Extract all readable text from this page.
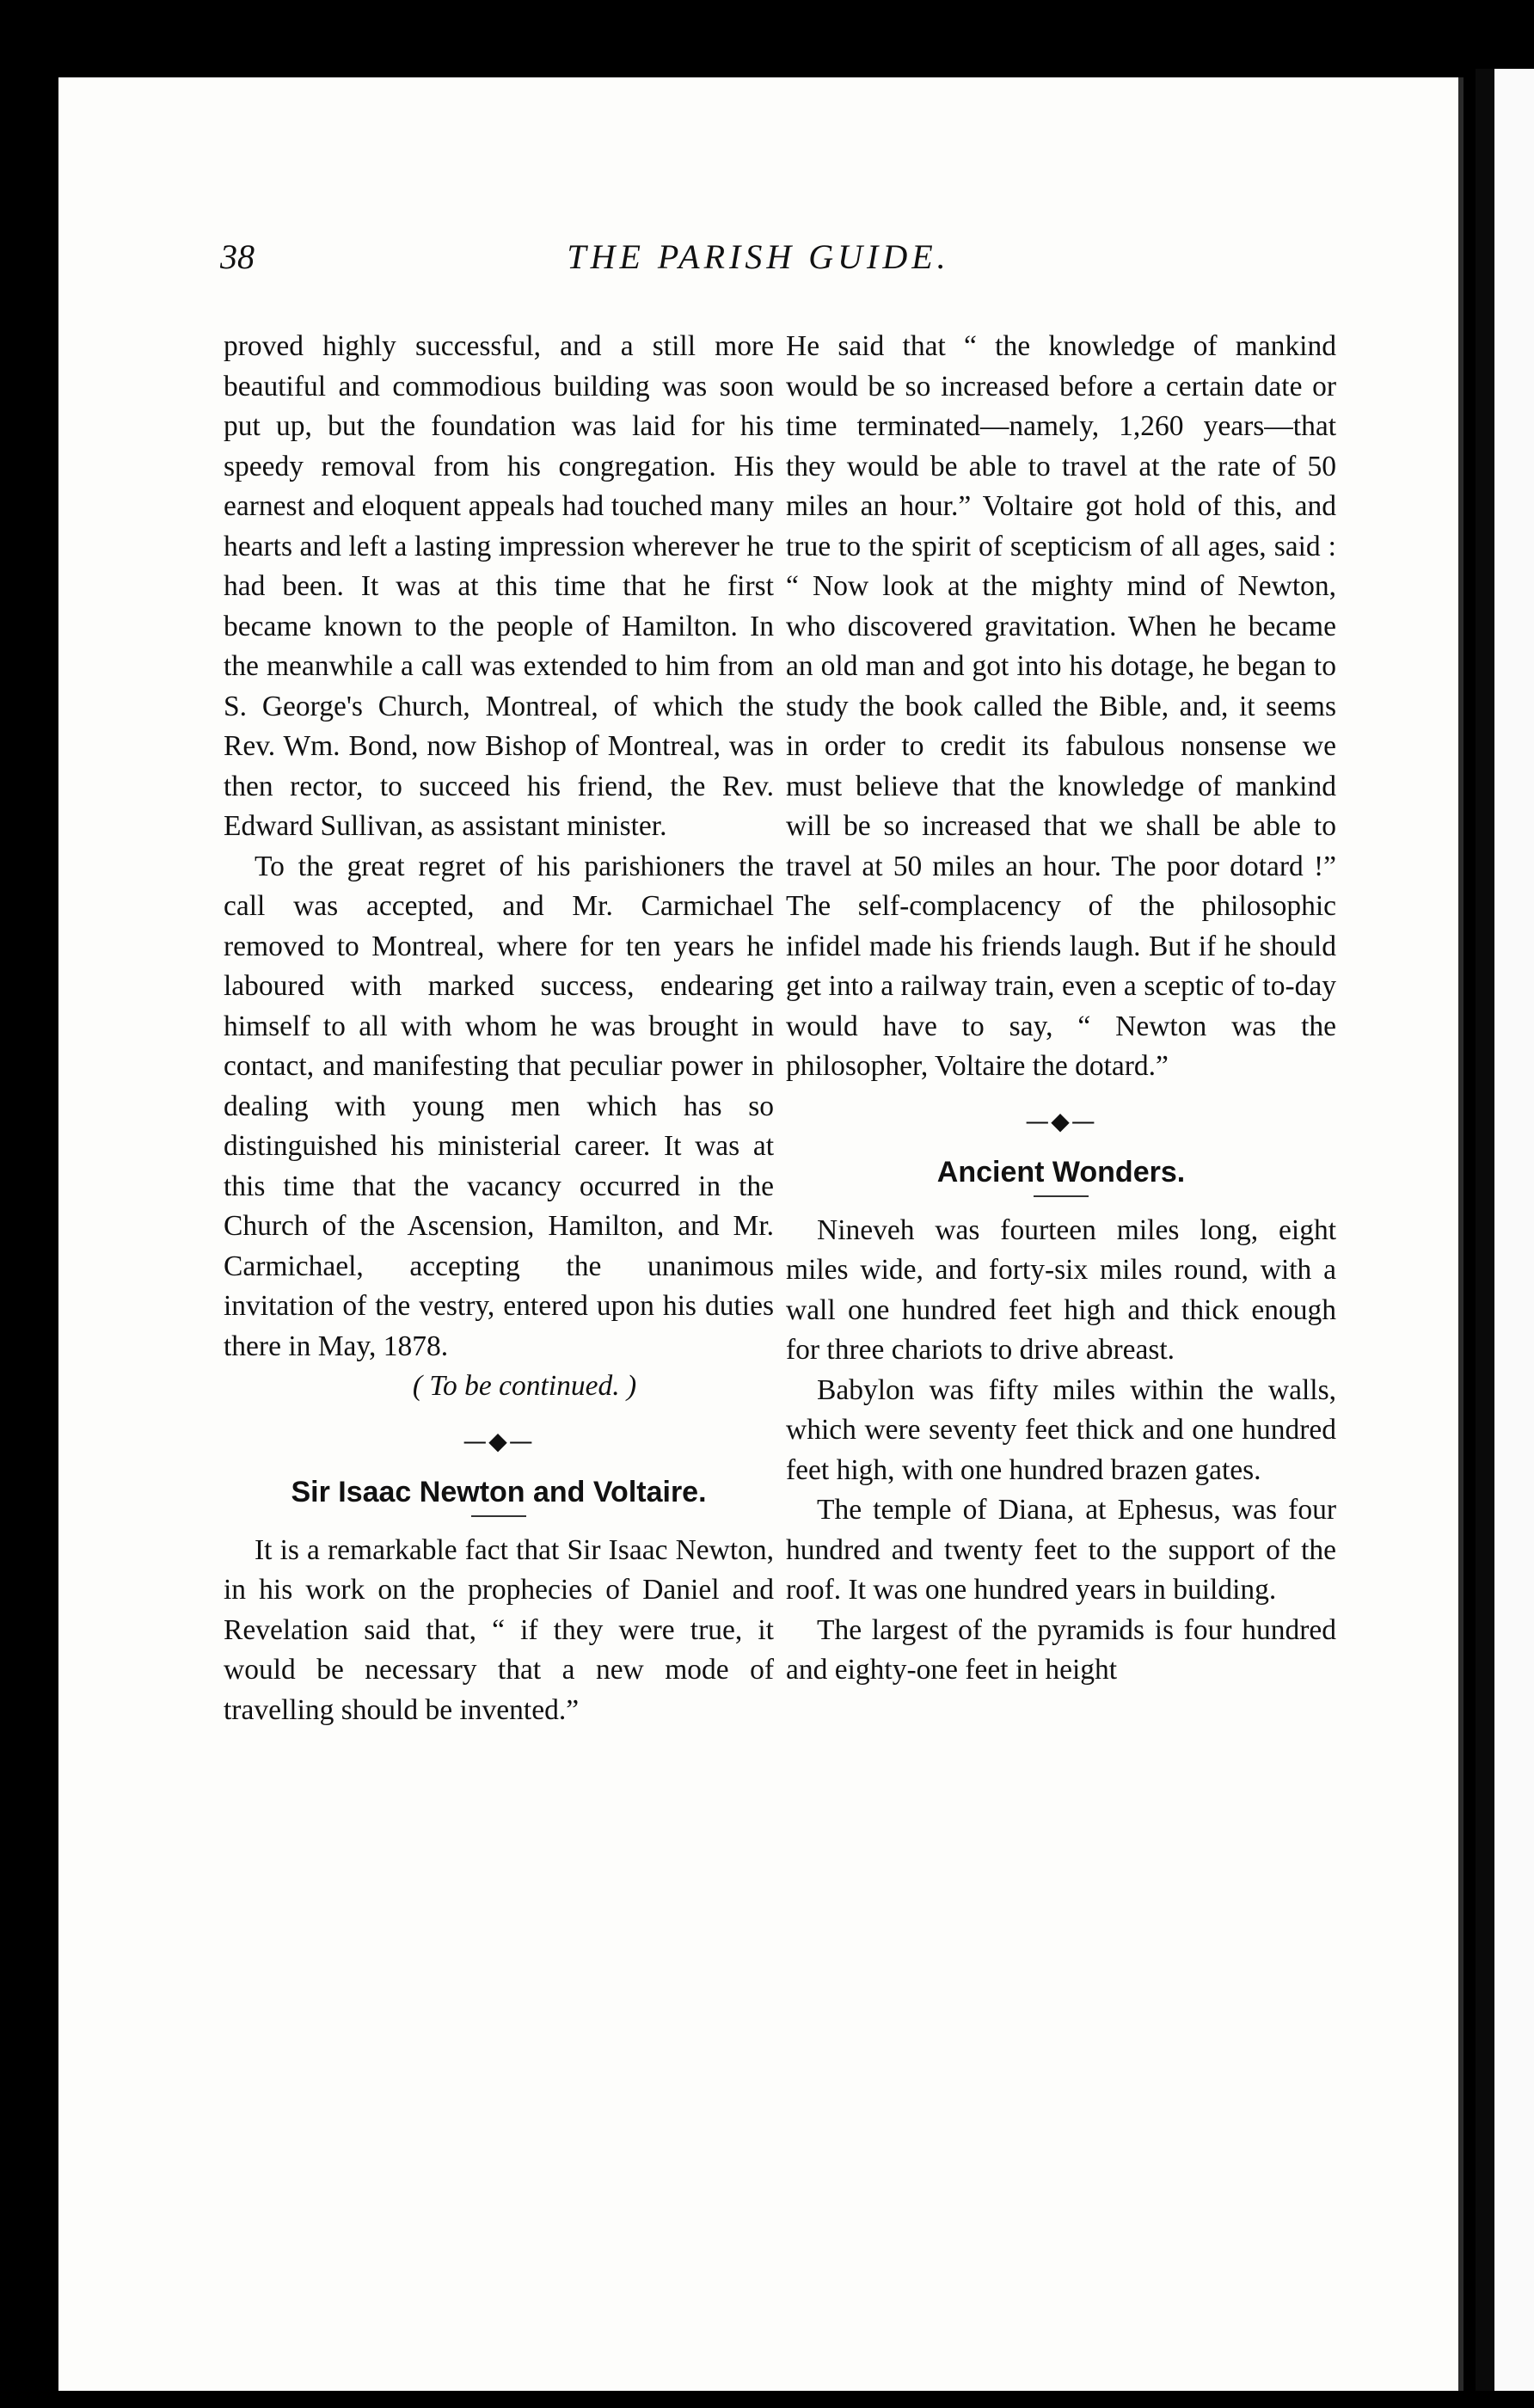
38	THE PARISH GUIDE.

proved highly successful, and a still more beautiful and commodious building was soon put up, but the foundation was laid for his speedy removal from his congregation. His earnest and eloquent appeals had touched many hearts and left a lasting impression wherever he had been. It was at this time that he first became known to the people of Hamilton. In the meanwhile a call was extended to him from S. George's Church, Montreal, of which the Rev. Wm. Bond, now Bishop of Montreal, was then rector, to succeed his friend, the Rev. Edward Sullivan, as assistant minister.

To the great regret of his parishioners the call was accepted, and Mr. Carmichael removed to Montreal, where for ten years he laboured with marked success, endearing himself to all with whom he was brought in contact, and manifesting that peculiar power in dealing with young men which has so distinguished his ministerial career. It was at this time that the vacancy occurred in the Church of the Ascension, Hamilton, and Mr. Carmichael, accepting the unanimous invitation of the vestry, entered upon his duties there in May, 1878.

( To be continued. )

—◆—
Sir Isaac Newton and Voltaire.

It is a remarkable fact that Sir Isaac Newton, in his work on the prophecies of Daniel and Revelation said that, “ if they were true, it would be necessary that a new mode of travelling should be invented.”

He said that “ the knowledge of mankind would be so increased before a certain date or time terminated—namely, 1,260 years—that they would be able to travel at the rate of 50 miles an hour.” Voltaire got hold of this, and true to the spirit of scepticism of all ages, said : “ Now look at the mighty mind of Newton, who discovered gravitation. When he became an old man and got into his dotage, he began to study the book called the Bible, and, it seems in order to credit its fabulous nonsense we must believe that the knowledge of mankind will be so increased that we shall be able to travel at 50 miles an hour. The poor dotard !” The self-complacency of the philosophic infidel made his friends laugh. But if he should get into a railway train, even a sceptic of to-day would have to say, “ Newton was the philosopher, Voltaire the dotard.”

—◆—
Ancient Wonders.

Nineveh was fourteen miles long, eight miles wide, and forty-six miles round, with a wall one hundred feet high and thick enough for three chariots to drive abreast.

Babylon was fifty miles within the walls, which were seventy feet thick and one hundred feet high, with one hundred brazen gates.

The temple of Diana, at Ephesus, was four hundred and twenty feet to the support of the roof. It was one hundred years in building.

The largest of the pyramids is four hundred and eighty-one feet in height
